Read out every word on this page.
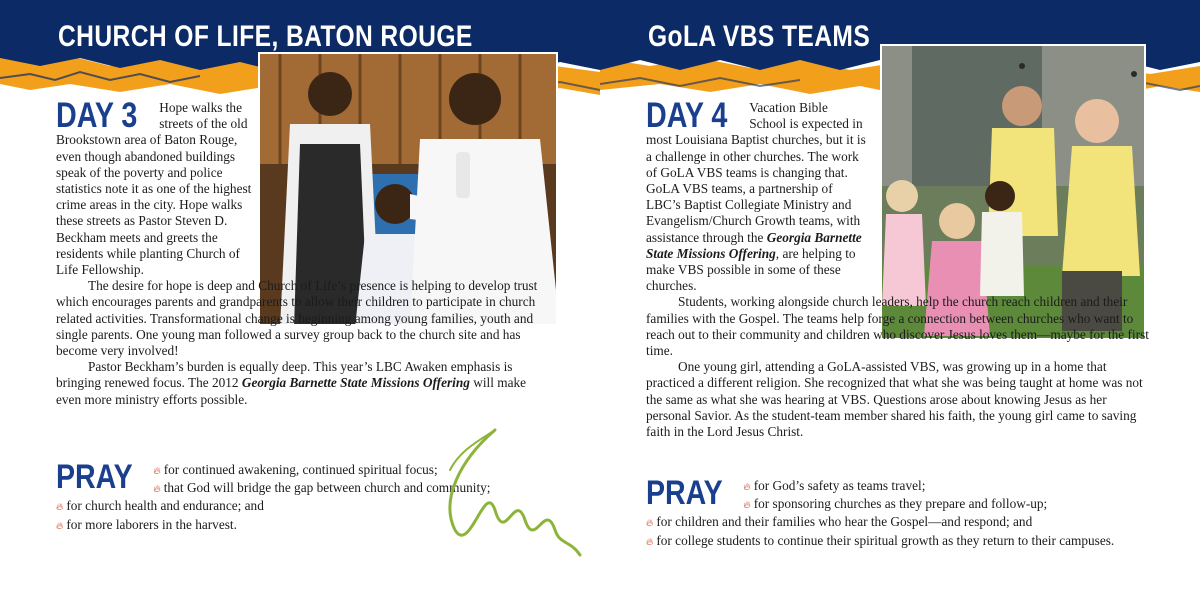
CHURCH OF LIFE, BATON ROUGE

DAY 3 Hope walks the streets of the old Brookstown area of Baton Rouge, even though abandoned buildings speak of the poverty and police statistics note it as one of the highest crime areas in the city. Hope walks these streets as Pastor Steven D. Beckham meets and greets the residents while planting Church of Life Fellowship.

The desire for hope is deep and Church of Life’s presence is helping to develop trust which encourages parents and grandparents to allow their children to participate in church related activities. Transformational change is beginning among young families, youth and single parents. One young man followed a survey group back to the church site and has become very involved!

Pastor Beckham’s burden is equally deep. This year’s LBC Awaken emphasis is bringing renewed focus. The 2012 Georgia Barnette State Missions Offering will make even more ministry efforts possible.

PRAY	🔥︎ for continued awakening, continued spiritual focus;
🔥︎ that God will bridge the gap between church and community;
🔥︎ for church health and endurance; and
🔥︎ for more laborers in the harvest.
GoLA VBS TEAMS

DAY 4 Vacation Bible School is expected in most Louisiana Baptist churches, but it is a challenge in other churches. The work of GoLA VBS teams is changing that. GoLA VBS teams, a partnership of LBC’s Baptist Collegiate Ministry and Evangelism/Church Growth teams, with assistance through the Georgia Barnette State Missions Offering, are helping to make VBS possible in some of these churches.

Students, working alongside church leaders, help the church reach children and their families with the Gospel. The teams help forge a connection between churches who want to reach out to their community and children who discover Jesus loves them—maybe for the first time.

One young girl, attending a GoLA-assisted VBS, was growing up in a home that practiced a different religion. She recognized that what she was being taught at home was not the same as what she was hearing at VBS. Questions arose about knowing Jesus as her personal Savior. As the student-team member shared his faith, the young girl came to saving faith in the Lord Jesus Christ.

PRAY	🔥︎ for God’s safety as teams travel;
🔥︎ for sponsoring churches as they prepare and follow-up;
🔥︎ for children and their families who hear the Gospel—and respond; and
🔥︎ for college students to continue their spiritual growth as they return to their campuses.
